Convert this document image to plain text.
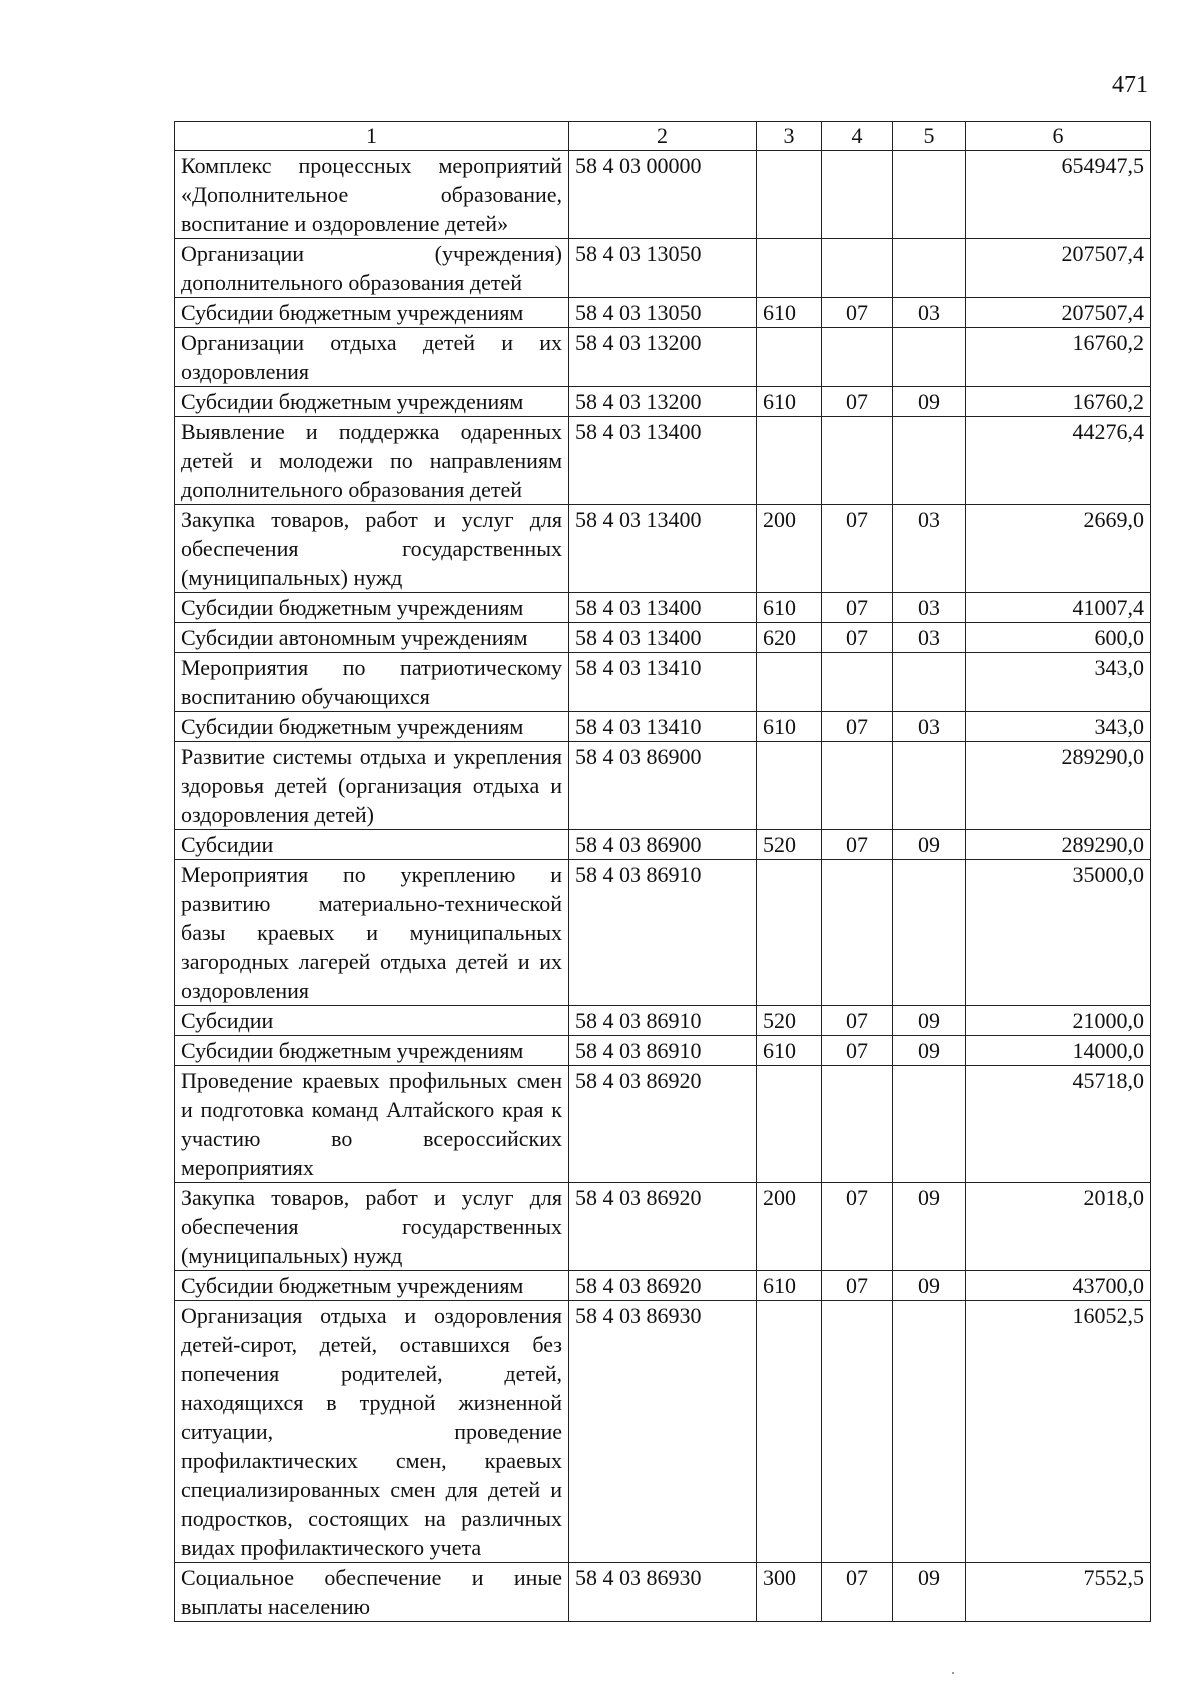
471
1	2	3	4	5	6
Комплекс процессных мероприятий «Дополнительное образование, воспитание и оздоровление детей»	58 4 03 00000				654947,5
Организации (учреждения) дополнительного образования детей	58 4 03 13050				207507,4
Субсидии бюджетным учреждениям	58 4 03 13050	610	07	03	207507,4
Организации отдыха детей и их оздоровления	58 4 03 13200				16760,2
Субсидии бюджетным учреждениям	58 4 03 13200	610	07	09	16760,2
Выявление и поддержка одаренных детей и молодежи по направлениям дополнительного образования детей	58 4 03 13400				44276,4
Закупка товаров, работ и услуг для обеспечения государственных (муниципальных) нужд	58 4 03 13400	200	07	03	2669,0
Субсидии бюджетным учреждениям	58 4 03 13400	610	07	03	41007,4
Субсидии автономным учреждениям	58 4 03 13400	620	07	03	600,0
Мероприятия по патриотическому воспитанию обучающихся	58 4 03 13410				343,0
Субсидии бюджетным учреждениям	58 4 03 13410	610	07	03	343,0
Развитие системы отдыха и укрепления здоровья детей (организация отдыха и оздоровления детей)	58 4 03 86900				289290,0
Субсидии	58 4 03 86900	520	07	09	289290,0
Мероприятия по укреплению и развитию материально-технической базы краевых и муниципальных загородных лагерей отдыха детей и их оздоровления	58 4 03 86910				35000,0
Субсидии	58 4 03 86910	520	07	09	21000,0
Субсидии бюджетным учреждениям	58 4 03 86910	610	07	09	14000,0
Проведение краевых профильных смен и подготовка команд Алтайского края к участию во всероссийских мероприятиях	58 4 03 86920				45718,0
Закупка товаров, работ и услуг для обеспечения государственных (муниципальных) нужд	58 4 03 86920	200	07	09	2018,0
Субсидии бюджетным учреждениям	58 4 03 86920	610	07	09	43700,0
Организация отдыха и оздоровления детей-сирот, детей, оставшихся без попечения родителей, детей, находящихся в трудной жизненной ситуации, проведение профилактических смен, краевых специализированных смен для детей и подростков, состоящих на различных видах профилактического учета	58 4 03 86930				16052,5
Социальное обеспечение и иные выплаты населению	58 4 03 86930	300	07	09	7552,5
